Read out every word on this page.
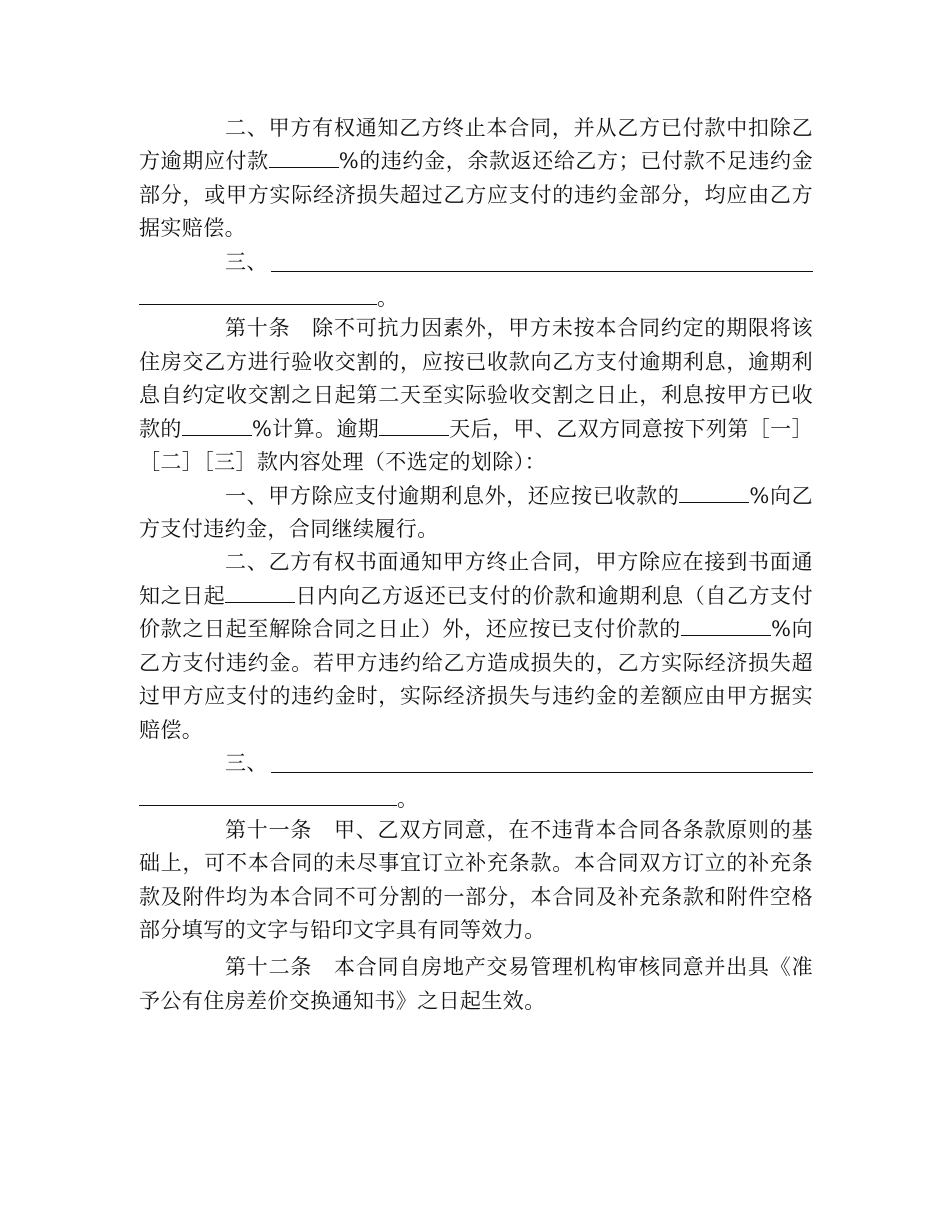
二、甲方有权通知乙方终止本合同，并从乙方已付款中扣除乙方逾期应付款	%的违约金，余款返还给乙方；已付款不足违约金部分，或甲方实际经济损失超过乙方应支付的违约金部分，均应由乙方据实赔偿。

三、

。

第十条　除不可抗力因素外，甲方未按本合同约定的期限将该住房交乙方进行验收交割的，应按已收款向乙方支付逾期利息，逾期利息自约定收交割之日起第二天至实际验收交割之日止，利息按甲方已收款的	%计算。逾期	天后，甲、乙双方同意按下列第［一］［二］［三］款内容处理（不选定的划除）：

一、甲方除应支付逾期利息外，还应按已收款的	%向乙方支付违约金，合同继续履行。

二、乙方有权书面通知甲方终止合同，甲方除应在接到书面通知之日起	日内向乙方返还已支付的价款和逾期利息（自乙方支付价款之日起至解除合同之日止）外，还应按已支付价款的	%向乙方支付违约金。若甲方违约给乙方造成损失的，乙方实际经济损失超过甲方应支付的违约金时，实际经济损失与违约金的差额应由甲方据实赔偿。

三、

。

第十一条　甲、乙双方同意，在不违背本合同各条款原则的基础上，可不本合同的未尽事宜订立补充条款。本合同双方订立的补充条款及附件均为本合同不可分割的一部分，本合同及补充条款和附件空格部分填写的文字与铅印文字具有同等效力。

第十二条　本合同自房地产交易管理机构审核同意并出具《准予公有住房差价交换通知书》之日起生效。
